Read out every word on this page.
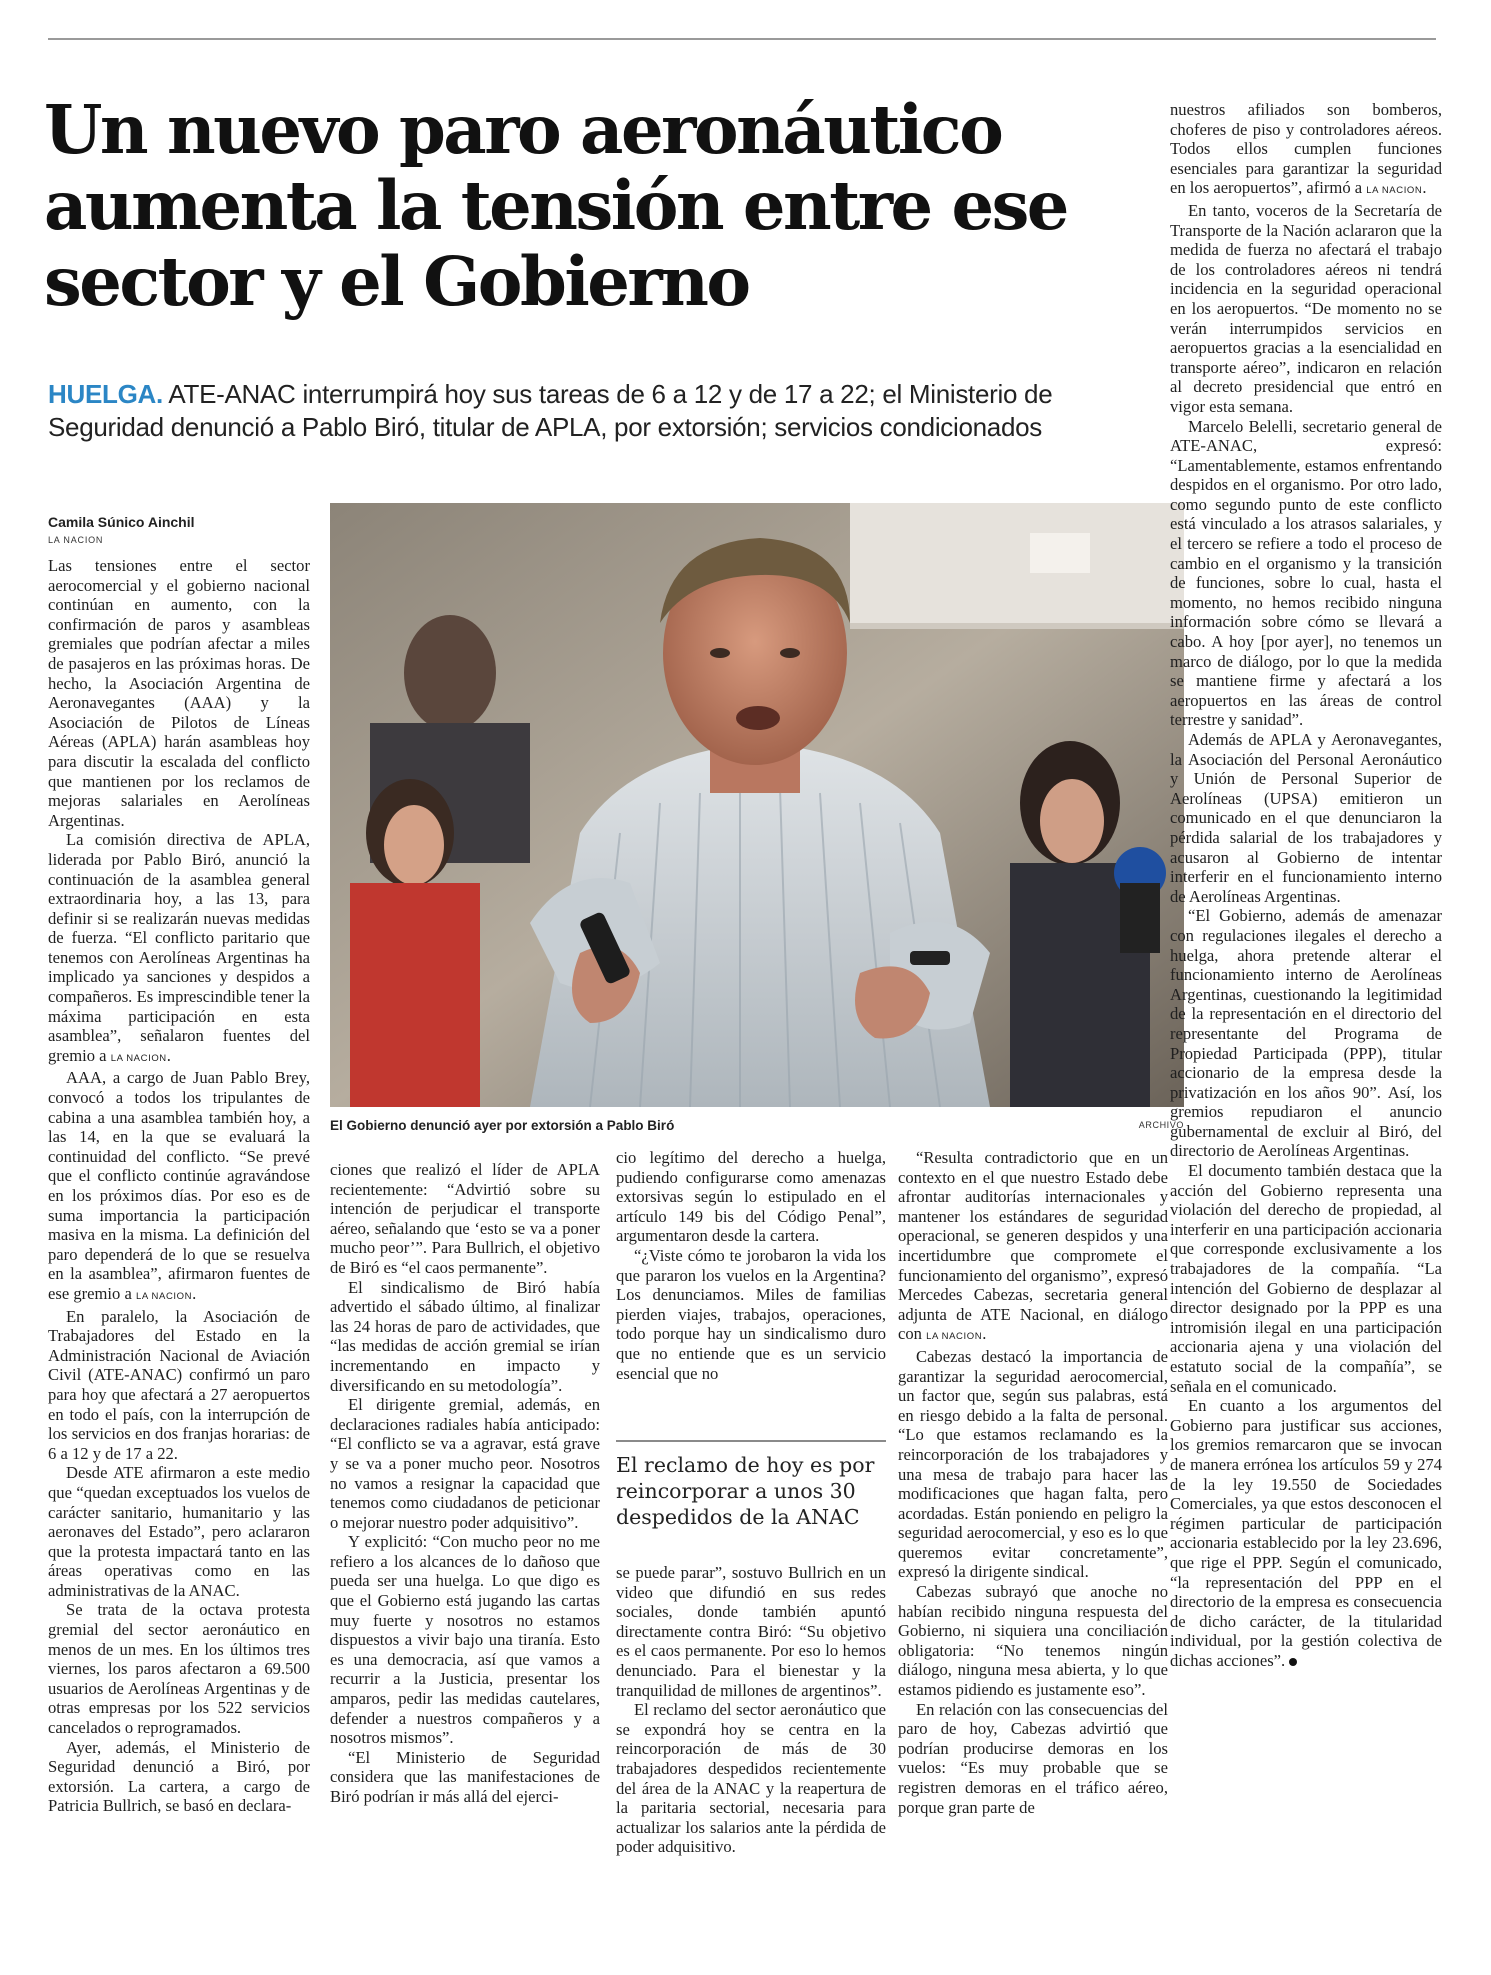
Un nuevo paro aeronáutico aumenta la tensión entre ese sector y el Gobierno

HUELGA. ATE-ANAC interrumpirá hoy sus tareas de 6 a 12 y de 17 a 22; el Ministerio de Seguridad denunció a Pablo Biró, titular de APLA, por extorsión; servicios condicionados

Camila Súnico Ainchil
LA NACION
El Gobierno denunció ayer por extorsión a Pablo Biró	ARCHIVO

Las tensiones entre el sector aerocomercial y el gobierno nacional continúan en aumento, con la confirmación de paros y asambleas gremiales que podrían afectar a miles de pasajeros en las próximas horas. De hecho, la Asociación Argentina de Aeronavegantes (AAA) y la Asociación de Pilotos de Líneas Aéreas (APLA) harán asambleas hoy para discutir la escalada del conflicto que mantienen por los reclamos de mejoras salariales en Aerolíneas Argentinas.

La comisión directiva de APLA, liderada por Pablo Biró, anunció la continuación de la asamblea general extraordinaria hoy, a las 13, para definir si se realizarán nuevas medidas de fuerza. “El conflicto paritario que tenemos con Aerolíneas Argentinas ha implicado ya sanciones y despidos a compañeros. Es imprescindible tener la máxima participación en esta asamblea”, señalaron fuentes del gremio a LA NACION.

AAA, a cargo de Juan Pablo Brey, convocó a todos los tripulantes de cabina a una asamblea también hoy, a las 14, en la que se evaluará la continuidad del conflicto. “Se prevé que el conflicto continúe agravándose en los próximos días. Por eso es de suma importancia la participación masiva en la misma. La definición del paro dependerá de lo que se resuelva en la asamblea”, afirmaron fuentes de ese gremio a LA NACION.

En paralelo, la Asociación de Trabajadores del Estado en la Administración Nacional de Aviación Civil (ATE-ANAC) confirmó un paro para hoy que afectará a 27 aeropuertos en todo el país, con la interrupción de los servicios en dos franjas horarias: de 6 a 12 y de 17 a 22.

Desde ATE afirmaron a este medio que “quedan exceptuados los vuelos de carácter sanitario, humanitario y las aeronaves del Estado”, pero aclararon que la protesta impactará tanto en las áreas operativas como en las administrativas de la ANAC.

Se trata de la octava protesta gremial del sector aeronáutico en menos de un mes. En los últimos tres viernes, los paros afectaron a 69.500 usuarios de Aerolíneas Argentinas y de otras empresas por los 522 servicios cancelados o reprogramados.

Ayer, además, el Ministerio de Seguridad denunció a Biró, por extorsión. La cartera, a cargo de Patricia Bullrich, se basó en declara-

ciones que realizó el líder de APLA recientemente: “Advirtió sobre su intención de perjudicar el transporte aéreo, señalando que ‘esto se va a poner mucho peor’”. Para Bullrich, el objetivo de Biró es “el caos permanente”.

El sindicalismo de Biró había advertido el sábado último, al finalizar las 24 horas de paro de actividades, que “las medidas de acción gremial se irían incrementando en impacto y diversificando en su metodología”.

El dirigente gremial, además, en declaraciones radiales había anticipado: “El conflicto se va a agravar, está grave y se va a poner mucho peor. Nosotros no vamos a resignar la capacidad que tenemos como ciudadanos de peticionar o mejorar nuestro poder adquisitivo”.

Y explicitó: “Con mucho peor no me refiero a los alcances de lo dañoso que pueda ser una huelga. Lo que digo es que el Gobierno está jugando las cartas muy fuerte y nosotros no estamos dispuestos a vivir bajo una tiranía. Esto es una democracia, así que vamos a recurrir a la Justicia, presentar los amparos, pedir las medidas cautelares, defender a nuestros compañeros y a nosotros mismos”.

“El Ministerio de Seguridad considera que las manifestaciones de Biró podrían ir más allá del ejerci-

cio legítimo del derecho a huelga, pudiendo configurarse como amenazas extorsivas según lo estipulado en el artículo 149 bis del Código Penal”, argumentaron desde la cartera.

“¿Viste cómo te jorobaron la vida los que pararon los vuelos en la Argentina? Los denunciamos. Miles de familias pierden viajes, trabajos, operaciones, todo porque hay un sindicalismo duro que no entiende que es un servicio esencial que no

El reclamo de hoy es por reincorporar a unos 30 despedidos de la ANAC

se puede parar”, sostuvo Bullrich en un video que difundió en sus redes sociales, donde también apuntó directamente contra Biró: “Su objetivo es el caos permanente. Por eso lo hemos denunciado. Para el bienestar y la tranquilidad de millones de argentinos”.

El reclamo del sector aeronáutico que se expondrá hoy se centra en la reincorporación de más de 30 trabajadores despedidos recientemente del área de la ANAC y la reapertura de la paritaria sectorial, necesaria para actualizar los salarios ante la pérdida de poder adquisitivo.

“Resulta contradictorio que en un contexto en el que nuestro Estado debe afrontar auditorías internacionales y mantener los estándares de seguridad operacional, se generen despidos y una incertidumbre que compromete el funcionamiento del organismo”, expresó Mercedes Cabezas, secretaria general adjunta de ATE Nacional, en diálogo con LA NACION.

Cabezas destacó la importancia de garantizar la seguridad aerocomercial, un factor que, según sus palabras, está en riesgo debido a la falta de personal. “Lo que estamos reclamando es la reincorporación de los trabajadores y una mesa de trabajo para hacer las modificaciones que hagan falta, pero acordadas. Están poniendo en peligro la seguridad aerocomercial, y eso es lo que queremos evitar concretamente”, expresó la dirigente sindical.

Cabezas subrayó que anoche no habían recibido ninguna respuesta del Gobierno, ni siquiera una conciliación obligatoria: “No tenemos ningún diálogo, ninguna mesa abierta, y lo que estamos pidiendo es justamente eso”.

En relación con las consecuencias del paro de hoy, Cabezas advirtió que podrían producirse demoras en los vuelos: “Es muy probable que se registren demoras en el tráfico aéreo, porque gran parte de

nuestros afiliados son bomberos, choferes de piso y controladores aéreos. Todos ellos cumplen funciones esenciales para garantizar la seguridad en los aeropuertos”, afirmó a LA NACION.

En tanto, voceros de la Secretaría de Transporte de la Nación aclararon que la medida de fuerza no afectará el trabajo de los controladores aéreos ni tendrá incidencia en la seguridad operacional en los aeropuertos. “De momento no se verán interrumpidos servicios en aeropuertos gracias a la esencialidad en transporte aéreo”, indicaron en relación al decreto presidencial que entró en vigor esta semana.

Marcelo Belelli, secretario general de ATE-ANAC, expresó: “Lamentablemente, estamos enfrentando despidos en el organismo. Por otro lado, como segundo punto de este conflicto está vinculado a los atrasos salariales, y el tercero se refiere a todo el proceso de cambio en el organismo y la transición de funciones, sobre lo cual, hasta el momento, no hemos recibido ninguna información sobre cómo se llevará a cabo. A hoy [por ayer], no tenemos un marco de diálogo, por lo que la medida se mantiene firme y afectará a los aeropuertos en las áreas de control terrestre y sanidad”.

Además de APLA y Aeronavegantes, la Asociación del Personal Aeronáutico y Unión de Personal Superior de Aerolíneas (UPSA) emitieron un comunicado en el que denunciaron la pérdida salarial de los trabajadores y acusaron al Gobierno de intentar interferir en el funcionamiento interno de Aerolíneas Argentinas.

“El Gobierno, además de amenazar con regulaciones ilegales el derecho a huelga, ahora pretende alterar el funcionamiento interno de Aerolíneas Argentinas, cuestionando la legitimidad de la representación en el directorio del representante del Programa de Propiedad Participada (PPP), titular accionario de la empresa desde la privatización en los años 90”. Así, los gremios repudiaron el anuncio gubernamental de excluir al Biró, del directorio de Aerolíneas Argentinas.

El documento también destaca que la acción del Gobierno representa una violación del derecho de propiedad, al interferir en una participación accionaria que corresponde exclusivamente a los trabajadores de la compañía. “La intención del Gobierno de desplazar al director designado por la PPP es una intromisión ilegal en una participación accionaria ajena y una violación del estatuto social de la compañía”, se señala en el comunicado.

En cuanto a los argumentos del Gobierno para justificar sus acciones, los gremios remarcaron que se invocan de manera errónea los artículos 59 y 274 de la ley 19.550 de Sociedades Comerciales, ya que estos desconocen el régimen particular de participación accionaria establecido por la ley 23.696, que rige el PPP. Según el comunicado, “la representación del PPP en el directorio de la empresa es consecuencia de dicho carácter, de la titularidad individual, por la gestión colectiva de dichas acciones”.
